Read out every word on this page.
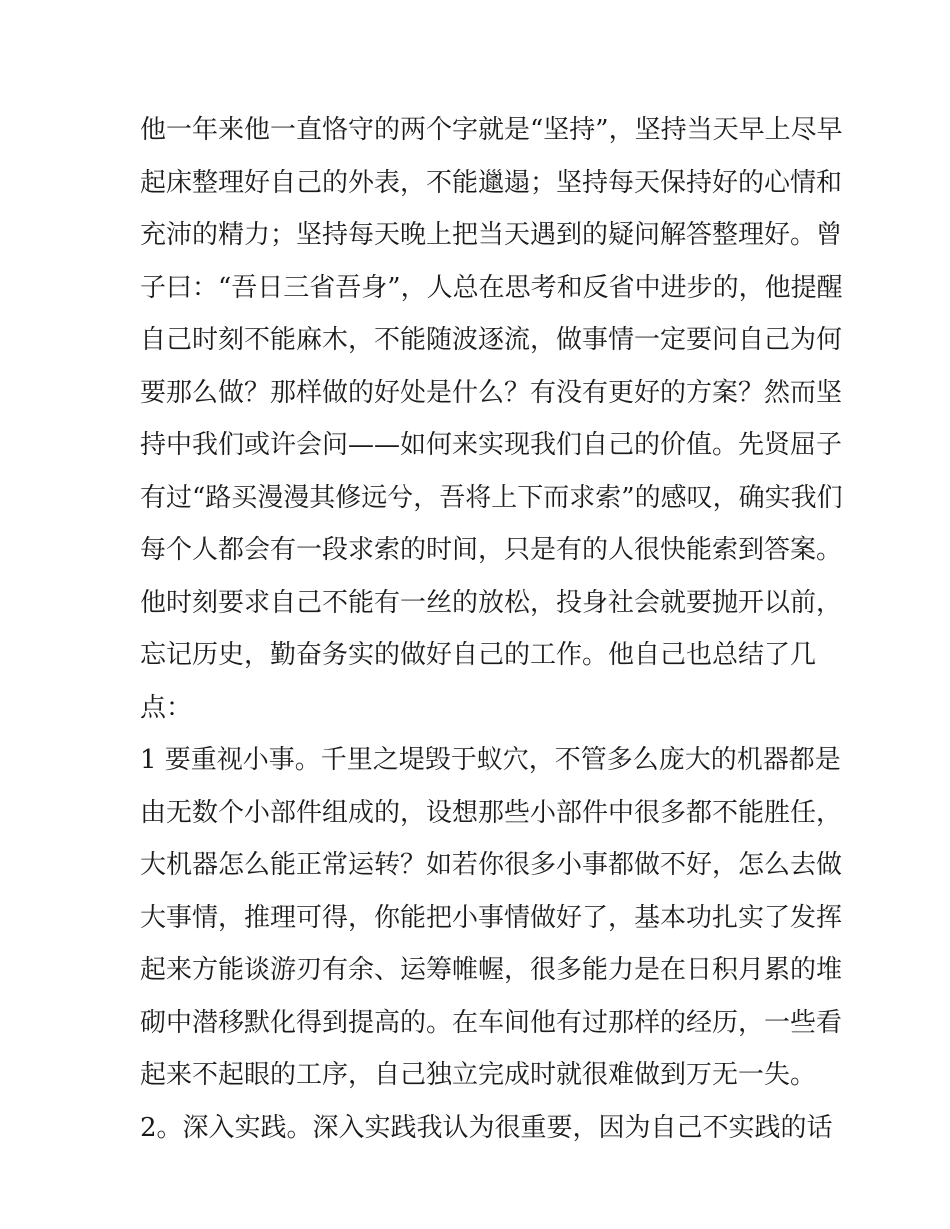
他一年来他一直恪守的两个字就是“坚持”，坚持当天早上尽早
起床整理好自己的外表，不能邋遢；坚持每天保持好的心情和
充沛的精力；坚持每天晚上把当天遇到的疑问解答整理好。曾
子曰：“吾日三省吾身”，人总在思考和反省中进步的，他提醒
自己时刻不能麻木，不能随波逐流，做事情一定要问自己为何
要那么做？那样做的好处是什么？有没有更好的方案？然而坚
持中我们或许会问——如何来实现我们自己的价值。先贤屈子
有过“路买漫漫其修远兮，吾将上下而求索”的感叹，确实我们
每个人都会有一段求索的时间，只是有的人很快能索到答案。
他时刻要求自己不能有一丝的放松，投身社会就要抛开以前，
忘记历史，勤奋务实的做好自己的工作。他自己也总结了几
点：
1 要重视小事。千里之堤毁于蚁穴，不管多么庞大的机器都是
由无数个小部件组成的，设想那些小部件中很多都不能胜任，
大机器怎么能正常运转？如若你很多小事都做不好，怎么去做
大事情，推理可得，你能把小事情做好了，基本功扎实了发挥
起来方能谈游刃有余、运筹帷幄，很多能力是在日积月累的堆
砌中潜移默化得到提高的。在车间他有过那样的经历，一些看
起来不起眼的工序，自己独立完成时就很难做到万无一失。
2。深入实践。深入实践我认为很重要，因为自己不实践的话
